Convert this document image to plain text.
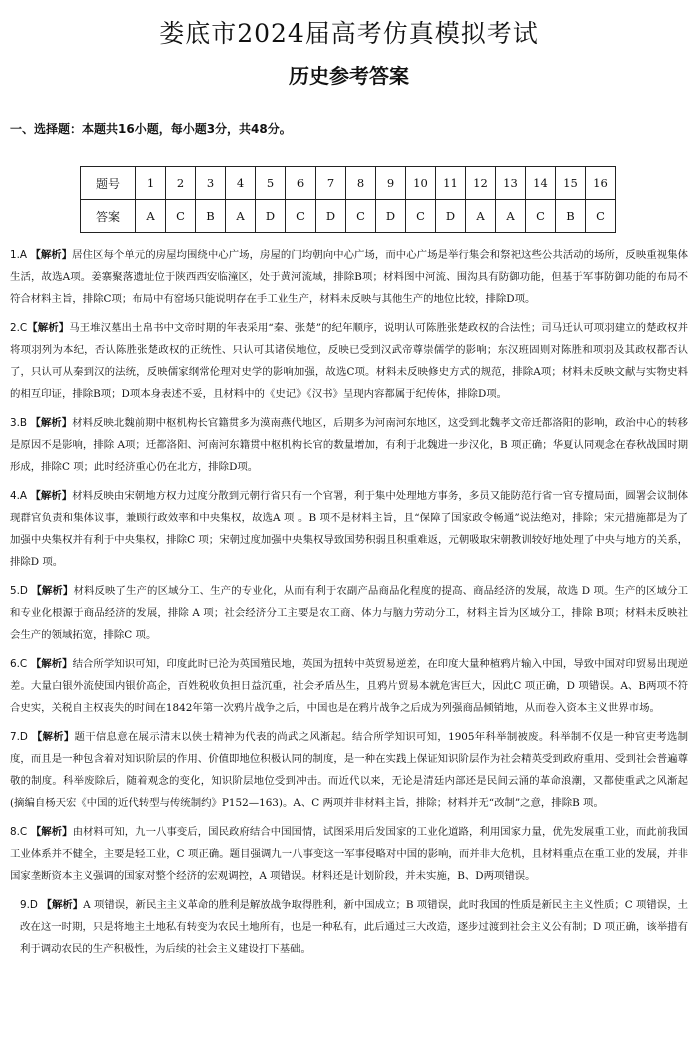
娄底市2024届高考仿真模拟考试
历史参考答案
一、选择题：本题共16小题，每小题3分，共48分。
题号	1	2	3	4	5	6	7	8	9	10	11	12	13	14	15	16
答案	A	C	B	A	D	C	D	C	D	C	D	A	A	C	B	C

1.A 【解析】居住区每个单元的房屋均围绕中心广场，房屋的门均朝向中心广场，而中心广场是举行集会和祭祀这些公共活动的场所，反映重视集体生活，故选A项。姜寨聚落遗址位于陕西西安临潼区，处于黄河流域，排除B项；材料图中河流、围沟具有防御功能，但基于军事防御功能的布局不符合材料主旨，排除C项；布局中有窑场只能说明存在手工业生产，材料未反映与其他生产的地位比较，排除D项。

2.C【解析】马王堆汉墓出土帛书中文帝时期的年表采用“秦、张楚”的纪年顺序，说明认可陈胜张楚政权的合法性；司马迁认可项羽建立的楚政权并将项羽列为本纪，否认陈胜张楚政权的正统性、只认可其诸侯地位，反映已受到汉武帝尊崇儒学的影响；东汉班固则对陈胜和项羽及其政权都否认了，只认可从秦到汉的法统，反映儒家纲常伦理对史学的影响加强，故选C项。材料未反映修史方式的规范，排除A项；材料未反映文献与实物史料的相互印证，排除B项；D项本身表述不妥，且材料中的《史记》《汉书》呈现内容都属于纪传体，排除D项。

3.B 【解析】材料反映北魏前期中枢机构长官籍贯多为漠南燕代地区，后期多为河南河东地区，这受到北魏孝文帝迁都洛阳的影响，政治中心的转移是原因不是影响，排除 A项；迁都洛阳、河南河东籍贯中枢机构长官的数量增加，有利于北魏进一步汉化，B 项正确；华夏认同观念在春秋战国时期形成，排除C 项；此时经济重心仍在北方，排除D项。

4.A 【解析】材料反映由宋朝地方权力过度分散到元朝行省只有一个官署，利于集中处理地方事务，多员又能防范行省一官专擅局面，圆署会议制体现群官负责和集体议事，兼顾行政效率和中央集权，故选A 项 。B 项不是材料主旨，且“保障了国家政令畅通”说法绝对，排除；宋元措施都是为了加强中央集权并有利于中央集权，排除C 项；宋朝过度加强中央集权导致国势积弱且积重难返，元朝吸取宋朝教训较好地处理了中央与地方的关系，排除D 项。

5.D 【解析】材料反映了生产的区域分工、生产的专业化，从而有利于农副产品商品化程度的提高、商品经济的发展，故选 D 项。生产的区域分工和专业化根源于商品经济的发展，排除 A 项；社会经济分工主要是农工商、体力与脑力劳动分工，材料主旨为区域分工，排除 B项；材料未反映社会生产的领域拓宽，排除C 项。

6.C 【解析】结合所学知识可知，印度此时已沦为英国殖民地，英国为扭转中英贸易逆差，在印度大量种植鸦片输入中国，导致中国对印贸易出现逆差。大量白银外流使国内银价高企，百姓税收负担日益沉重，社会矛盾丛生，且鸦片贸易本就危害巨大，因此C 项正确，D 项错误。A、B两项不符合史实，关税自主权丧失的时间在1842年第一次鸦片战争之后，中国也是在鸦片战争之后成为列强商品倾销地，从而卷入资本主义世界市场。

7.D 【解析】题干信息意在展示清末以侠士精神为代表的尚武之风渐起。结合所学知识可知，1905年科举制被废。科举制不仅是一种官吏考选制度，而且是一种包含着对知识阶层的作用、价值即地位积极认同的制度，是一种在实践上保证知识阶层作为社会精英受到政府重用、受到社会普遍尊敬的制度。科举废除后，随着观念的变化，知识阶层地位受到冲击。而近代以来，无论是清廷内部还是民间云涌的革命浪潮，又都使重武之风渐起(摘编自杨天宏《中国的近代转型与传统制约》P152—163)。A、C 两项并非材料主旨，排除；材料并无“改制”之意，排除B 项。

8.C 【解析】由材料可知，九一八事变后，国民政府结合中国国情，试图采用后发国家的工业化道路，利用国家力量，优先发展重工业，而此前我国工业体系并不健全，主要是轻工业，C 项正确。题目强调九一八事变这一军事侵略对中国的影响，而并非大危机，且材料重点在重工业的发展，并非国家垄断资本主义强调的国家对整个经济的宏观调控，A 项错误。材料还是计划阶段，并未实施，B、D两项错误。

9.D 【解析】A 项错误，新民主主义革命的胜利是解放战争取得胜利，新中国成立；B 项错误，此时我国的性质是新民主主义性质；C 项错误，土改在这一时期，只是将地主土地私有转变为农民土地所有，也是一种私有，此后通过三大改造，逐步过渡到社会主义公有制；D 项正确，该举措有利于调动农民的生产积极性，为后续的社会主义建设打下基础。
